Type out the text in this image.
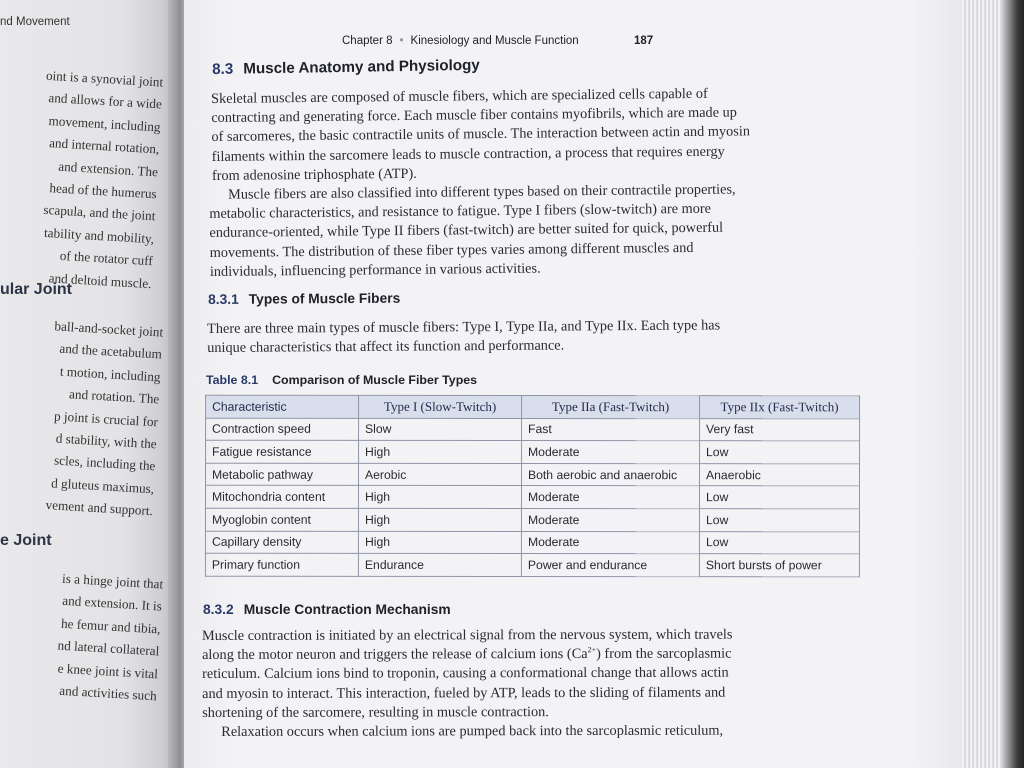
nd Movement
oint is a synovial joint
and allows for a wide
movement, including
and internal rotation,
and extension. The
head of the humerus
scapula, and the joint
tability and mobility,
of the rotator cuff
and deltoid muscle.
ular Joint
ball-and-socket joint
and the acetabulum
t motion, including
and rotation. The
p joint is crucial for
d stability, with the
scles, including the
d gluteus maximus,
vement and support.
e Joint
is a hinge joint that
and extension. It is
he femur and tibia,
nd lateral collateral
e knee joint is vital
and activities such
Chapter 8 • Kinesiology and Muscle Function	187
8.3 Muscle Anatomy and Physiology
Skeletal muscles are composed of muscle fibers, which are specialized cells capable of
contracting and generating force. Each muscle fiber contains myofibrils, which are made up
of sarcomeres, the basic contractile units of muscle. The interaction between actin and myosin
filaments within the sarcomere leads to muscle contraction, a process that requires energy
from adenosine triphosphate (ATP).
Muscle fibers are also classified into different types based on their contractile properties,
metabolic characteristics, and resistance to fatigue. Type I fibers (slow-twitch) are more
endurance-oriented, while Type II fibers (fast-twitch) are better suited for quick, powerful
movements. The distribution of these fiber types varies among different muscles and
individuals, influencing performance in various activities.
8.3.1 Types of Muscle Fibers
There are three main types of muscle fibers: Type I, Type IIa, and Type IIx. Each type has
unique characteristics that affect its function and performance.
Table 8.1 Comparison of Muscle Fiber Types
Characteristic	Type I (Slow-Twitch)	Type IIa (Fast-Twitch)	Type IIx (Fast-Twitch)
Contraction speed	Slow	Fast	Very fast
Fatigue resistance	High	Moderate	Low
Metabolic pathway	Aerobic	Both aerobic and anaerobic	Anaerobic
Mitochondria content	High	Moderate	Low
Myoglobin content	High	Moderate	Low
Capillary density	High	Moderate	Low
Primary function	Endurance	Power and endurance	Short bursts of power
8.3.2 Muscle Contraction Mechanism
Muscle contraction is initiated by an electrical signal from the nervous system, which travels
along the motor neuron and triggers the release of calcium ions $(Ca^{2+})$ from the sarcoplasmic
reticulum. Calcium ions bind to troponin, causing a conformational change that allows actin
and myosin to interact. This interaction, fueled by ATP, leads to the sliding of filaments and
shortening of the sarcomere, resulting in muscle contraction.
Relaxation occurs when calcium ions are pumped back into the sarcoplasmic reticulum,
